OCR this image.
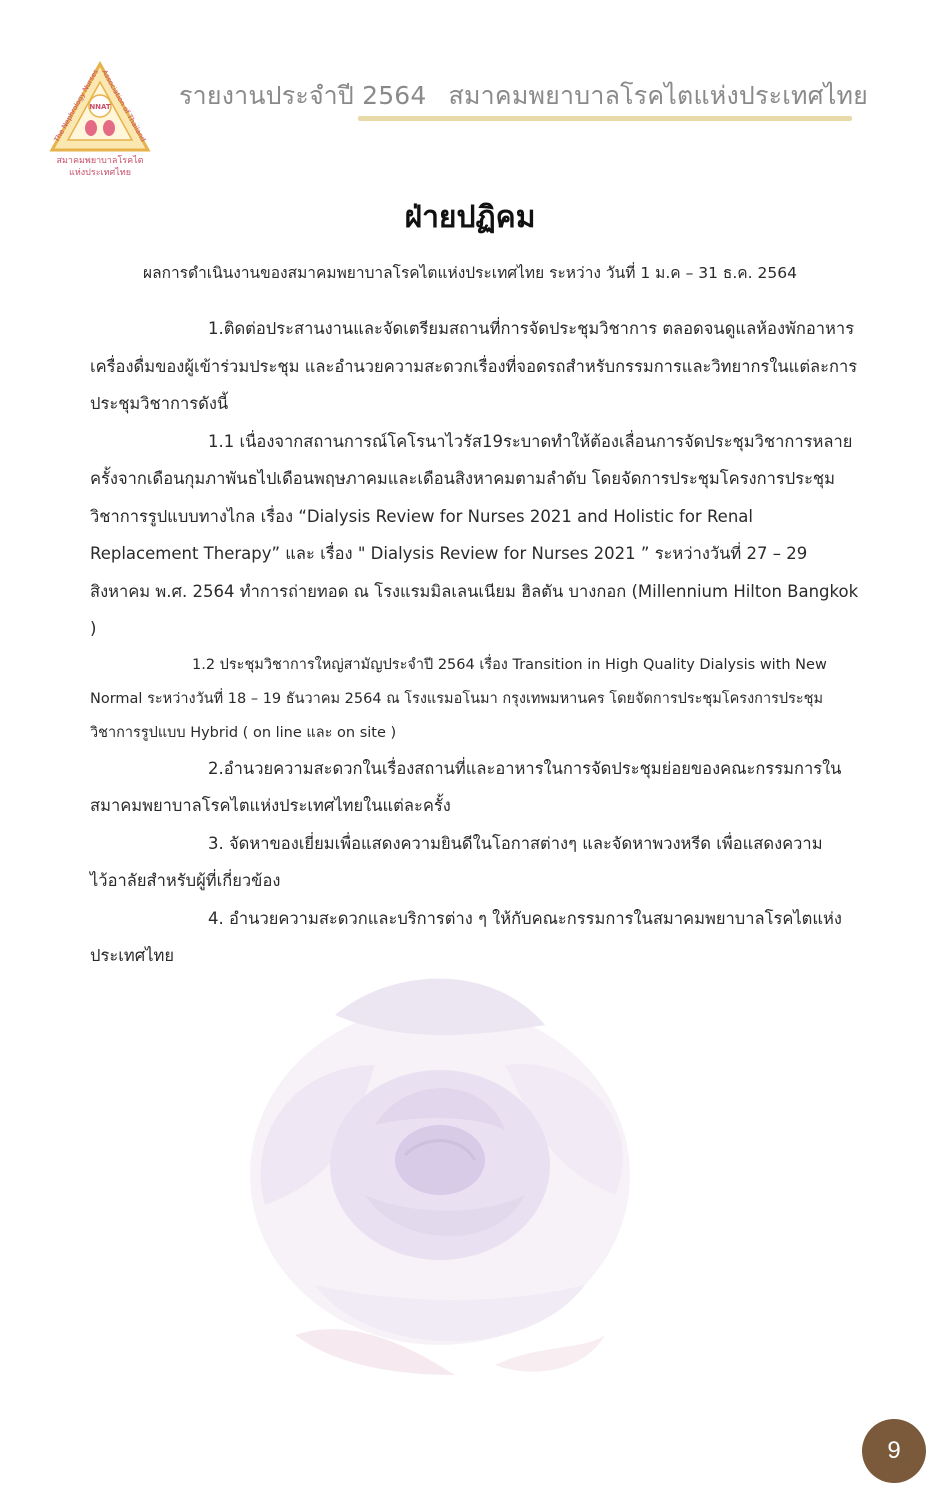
The Nephrology Nurses Association of Thailand
NNAT
สมาคมพยาบาลโรคไต
แห่งประเทศไทย
รายงานประจำปี 2564 สมาคมพยาบาลโรคไตแห่งประเทศไทย
ฝ่ายปฏิคม
ผลการดำเนินงานของสมาคมพยาบาลโรคไตแห่งประเทศไทย ระหว่าง วันที่ 1 ม.ค – 31 ธ.ค. 2564

1.ติดต่อประสานงานและจัดเตรียมสถานที่การจัดประชุมวิชาการ ตลอดจนดูแลห้องพักอาหาร เครื่องดื่มของผู้เข้าร่วมประชุม และอำนวยความสะดวกเรื่องที่จอดรถสำหรับกรรมการและวิทยากรในแต่ละการประชุมวิชาการดังนี้

1.1 เนื่องจากสถานการณ์โคโรนาไวรัส19ระบาดทำให้ต้องเลื่อนการจัดประชุมวิชาการหลายครั้งจากเดือนกุมภาพันธไปเดือนพฤษภาคมและเดือนสิงหาคมตามลำดับ โดยจัดการประชุมโครงการประชุมวิชาการรูปแบบทางไกล เรื่อง “Dialysis Review for Nurses 2021 and Holistic for Renal Replacement Therapy” และ เรื่อง " Dialysis Review for Nurses 2021 ” ระหว่างวันที่ 27 – 29 สิงหาคม พ.ศ. 2564 ทำการถ่ายทอด ณ โรงแรมมิลเลนเนียม ฮิลตัน บางกอก (Millennium Hilton Bangkok )

1.2 ประชุมวิชาการใหญ่สามัญประจำปี 2564 เรื่อง Transition in High Quality Dialysis with New Normal ระหว่างวันที่ 18 – 19 ธันวาคม 2564 ณ โรงแรมอโนมา กรุงเทพมหานคร โดยจัดการประชุมโครงการประชุมวิชาการรูปแบบ Hybrid ( on line และ on site )

2.อำนวยความสะดวกในเรื่องสถานที่และอาหารในการจัดประชุมย่อยของคณะกรรมการในสมาคมพยาบาลโรคไตแห่งประเทศไทยในแต่ละครั้ง

3. จัดหาของเยี่ยมเพื่อแสดงความยินดีในโอกาสต่างๆ และจัดหาพวงหรีด เพื่อแสดงความไว้อาลัยสำหรับผู้ที่เกี่ยวข้อง

4. อำนวยความสะดวกและบริการต่าง ๆ ให้กับคณะกรรมการในสมาคมพยาบาลโรคไตแห่งประเทศไทย

9
